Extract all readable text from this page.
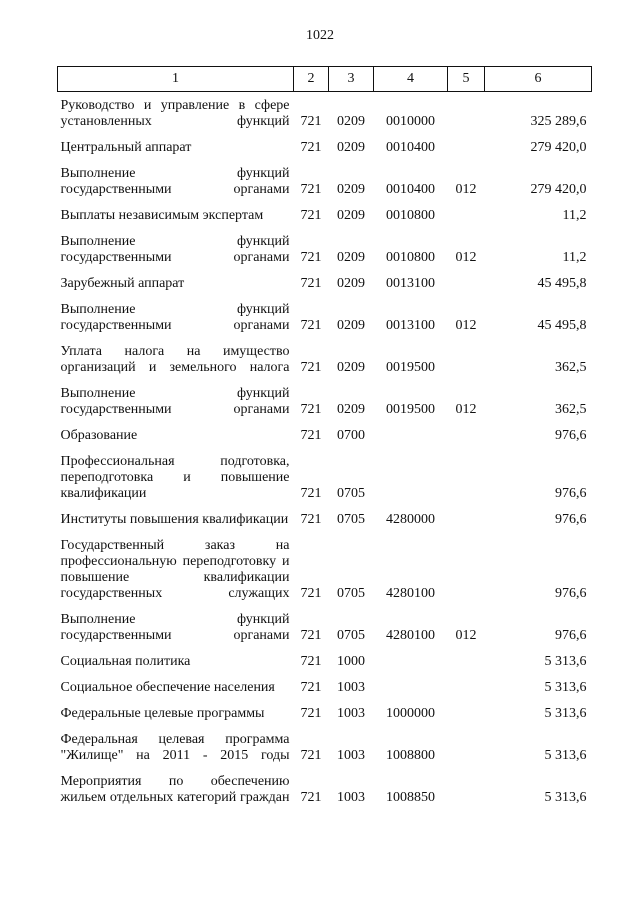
1022
1	2	3	4	5	6

Руководство и управление в сфере
установленных функций	721	0209	0010000		325 289,6

Центральный аппарат	721	0209	0010400		279 420,0

Выполнение функций
государственными органами	721	0209	0010400	012	279 420,0

Выплаты независимым экспертам	721	0209	0010800		11,2

Выполнение функций
государственными органами	721	0209	0010800	012	11,2

Зарубежный аппарат	721	0209	0013100		45 495,8

Выполнение функций
государственными органами	721	0209	0013100	012	45 495,8

Уплата налога на имущество
организаций и земельного налога	721	0209	0019500		362,5

Выполнение функций
государственными органами	721	0209	0019500	012	362,5

Образование	721	0700			976,6

Профессиональная подготовка,
переподготовка и повышение
квалификации	721	0705			976,6

Институты повышения квалификации	721	0705	4280000		976,6

Государственный заказ на
профессиональную переподготовку и
повышение квалификации
государственных служащих	721	0705	4280100		976,6

Выполнение функций
государственными органами	721	0705	4280100	012	976,6

Социальная политика	721	1000			5 313,6

Социальное обеспечение населения	721	1003			5 313,6

Федеральные целевые программы	721	1003	1000000		5 313,6

Федеральная целевая программа
"Жилище" на 2011 - 2015 годы	721	1003	1008800		5 313,6

Мероприятия по обеспечению
жильем отдельных категорий граждан	721	1003	1008850		5 313,6
